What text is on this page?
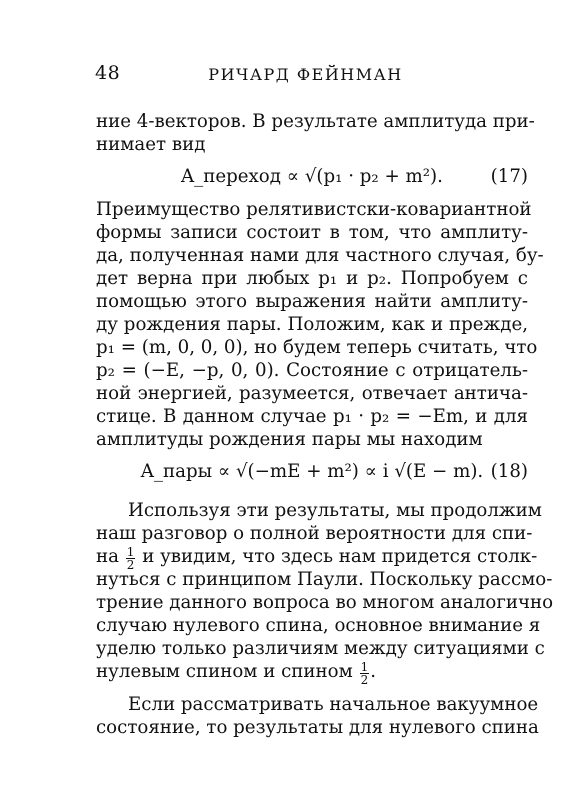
48	РИЧАРД ФЕЙНМАН
ние 4-векторов. В результате амплитуда при-
нимает вид
A_переход ∝ √(p₁ · p₂ + m²).	(17)
Преимущество релятивистски-ковариантной
формы записи состоит в том, что амплиту-
да, полученная нами для частного случая, бу-
дет верна при любых p₁ и p₂. Попробуем с
помощью этого выражения найти амплиту-
ду рождения пары. Положим, как и прежде,
p₁ = (m, 0, 0, 0), но будем теперь считать, что
p₂ = (−E, −p, 0, 0). Состояние с отрицатель-
ной энергией, разумеется, отвечает антича-
стице. В данном случае p₁ · p₂ = −Em, и для
амплитуды рождения пары мы находим
A_пары ∝ √(−mE + m²) ∝ i √(E − m). (18)
Используя эти результаты, мы продолжим
наш разговор о полной вероятности для спи-
на $\frac{1}{2}$ и увидим, что здесь нам придется столк-
нуться с принципом Паули. Поскольку рассмо-
трение данного вопроса во многом аналогично
случаю нулевого спина, основное внимание я
уделю только различиям между ситуациями с
нулевым спином и спином $\frac{1}{2}$ .
Если рассматривать начальное вакуумное
состояние, то результаты для нулевого спина
